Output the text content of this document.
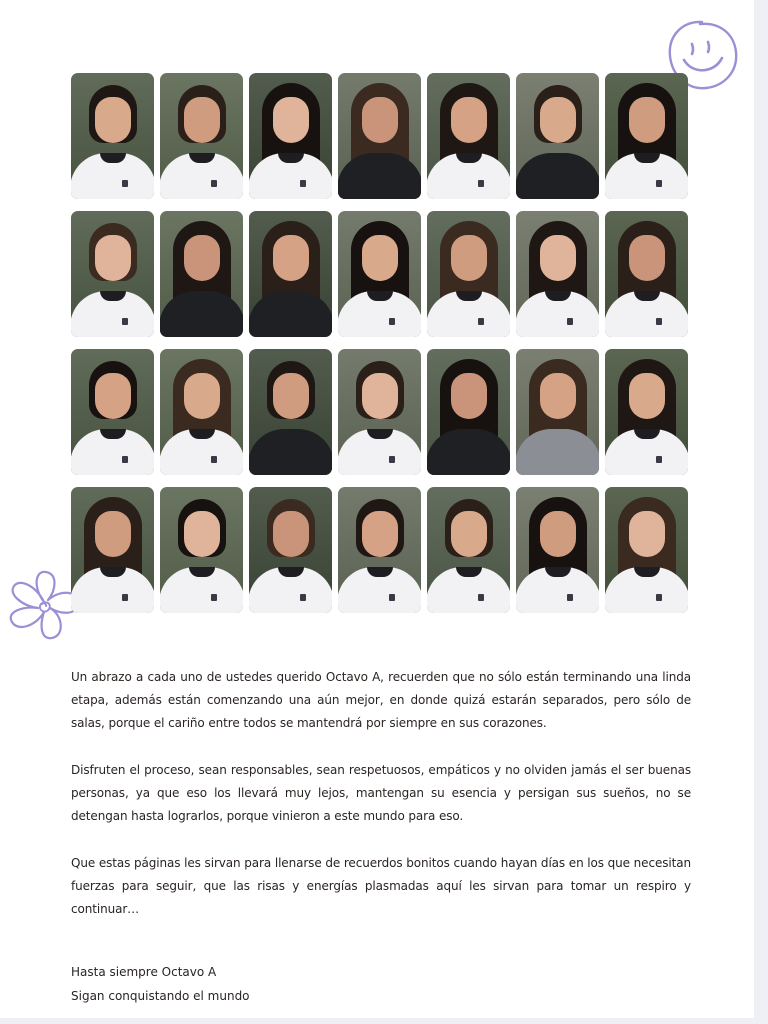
Un abrazo a cada uno de ustedes querido Octavo A, recuerden que no sólo están terminando una linda etapa, además están comenzando una aún mejor, en donde quizá estarán separados, pero sólo de salas, porque el cariño entre todos se mantendrá por siempre en sus corazones.

Disfruten el proceso, sean responsables, sean respetuosos, empáticos y no olviden jamás el ser buenas personas, ya que eso los llevará muy lejos, mantengan su esencia y persigan sus sueños, no se detengan hasta lograrlos, porque vinieron a este mundo para eso.

Que estas páginas les sirvan para llenarse de recuerdos bonitos cuando hayan días en los que necesitan fuerzas para seguir, que las risas y energías plasmadas aquí les sirvan para tomar un respiro y continuar…

Hasta siempre Octavo A
Sigan conquistando el mundo
